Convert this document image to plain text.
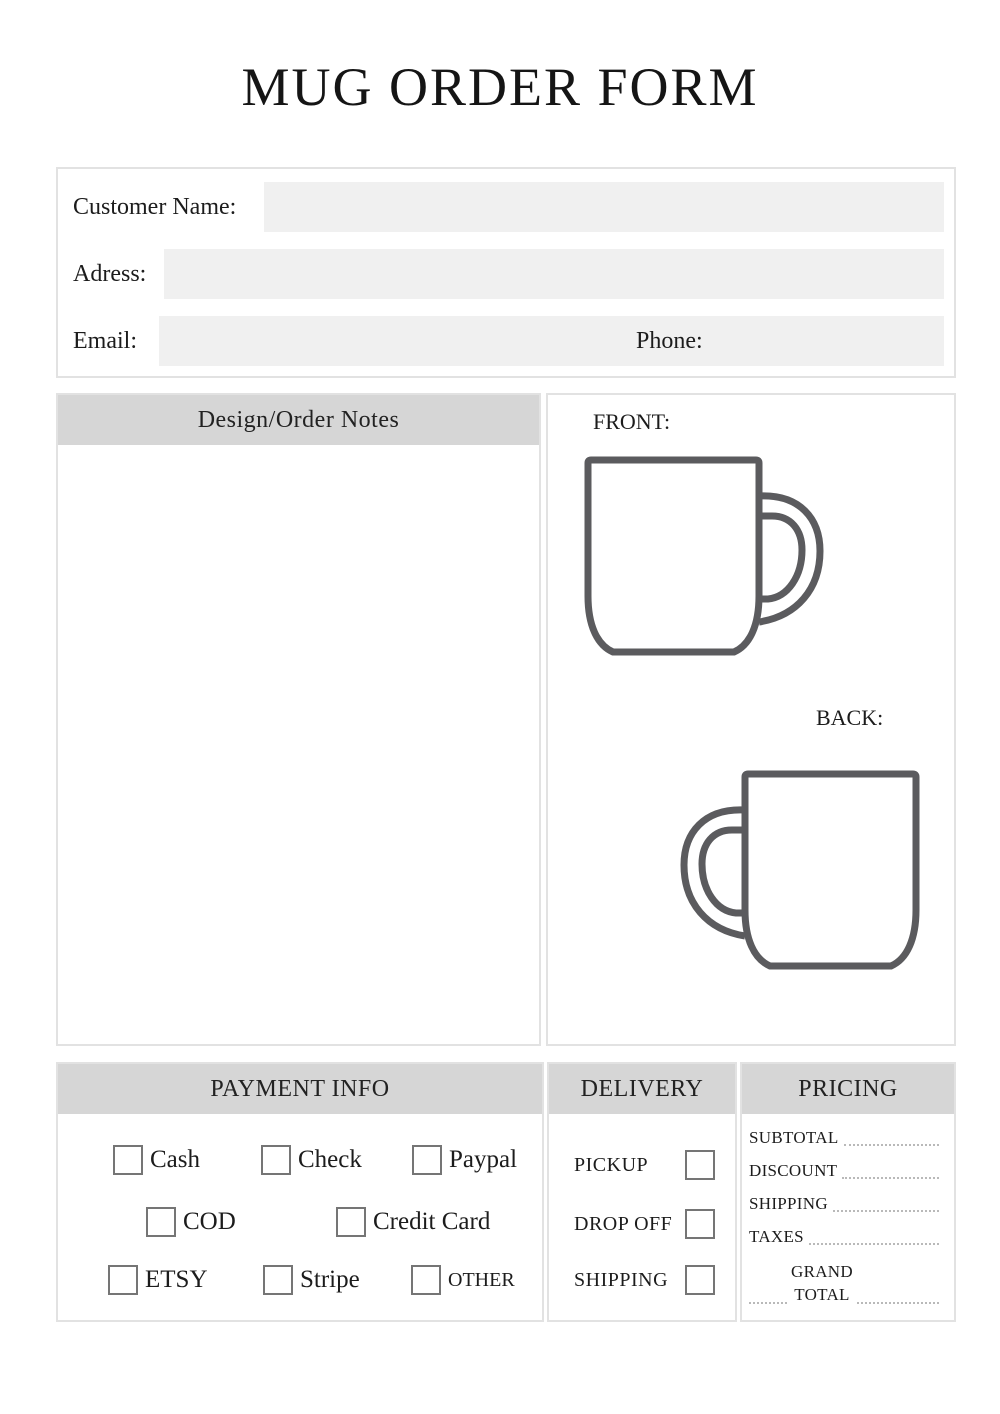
MUG ORDER FORM
Customer Name:
Adress:
Email:	Phone:
Design/Order Notes	FRONT:
BACK:
PAYMENT INFO
Cash	Check	Paypal
COD	Credit Card
ETSY	Stripe	OTHER
DELIVERY
PICKUP
DROP OFF
SHIPPING
PRICING
SUBTOTAL
DISCOUNT
SHIPPING
TAXES
GRAND
TOTAL
